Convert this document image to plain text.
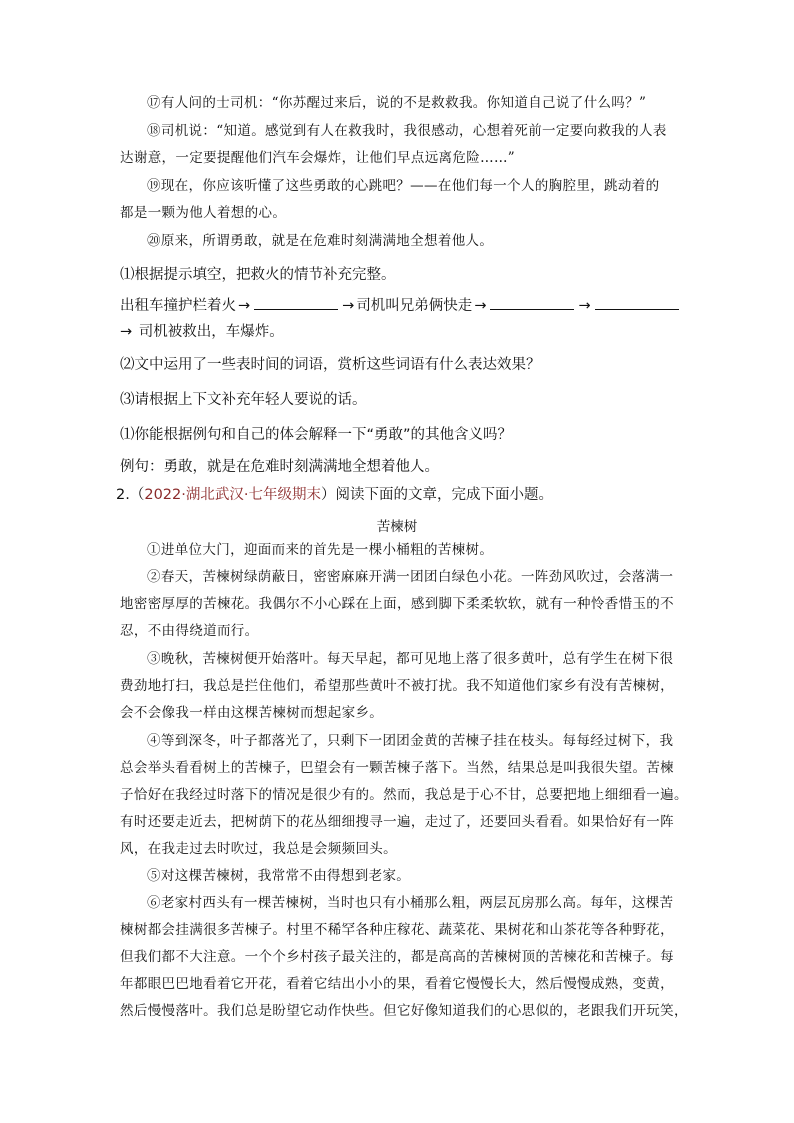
⑰有人问的士司机：“你苏醒过来后，说的不是救救我。你知道自己说了什么吗？”

⑱司机说：“知道。感觉到有人在救我时，我很感动，心想着死前一定要向救我的人表
达谢意，一定要提醒他们汽车会爆炸，让他们早点远离危险……”

⑲现在，你应该听懂了这些勇敢的心跳吧？——在他们每一个人的胸腔里，跳动着的
都是一颗为他人着想的心。

⑳原来，所谓勇敢，就是在危难时刻满满地全想着他人。

⑴根据提示填空，把救火的情节补充完整。

出租车撞护栏着火 →	→ 司机叫兄弟俩快走 →	→

→ 司机被救出，车爆炸。

⑵文中运用了一些表时间的词语，赏析这些词语有什么表达效果？

⑶请根据上下文补充年轻人要说的话。

⑴你能根据例句和自己的体会解释一下“勇敢”的其他含义吗？

例句：勇敢，就是在危难时刻满满地全想着他人。

2.（2022·湖北武汉·七年级期末）阅读下面的文章，完成下面小题。

苦楝树

①进单位大门，迎面而来的首先是一棵小桶粗的苦楝树。

②春天，苦楝树绿荫蔽日，密密麻麻开满一团团白绿色小花。一阵劲风吹过，会落满一
地密密厚厚的苦楝花。我偶尔不小心踩在上面，感到脚下柔柔软软，就有一种怜香惜玉的不
忍，不由得绕道而行。

③晚秋，苦楝树便开始落叶。每天早起，都可见地上落了很多黄叶，总有学生在树下很
费劲地打扫，我总是拦住他们，希望那些黄叶不被打扰。我不知道他们家乡有没有苦楝树，
会不会像我一样由这棵苦楝树而想起家乡。

④等到深冬，叶子都落光了，只剩下一团团金黄的苦楝子挂在枝头。每每经过树下，我
总会举头看看树上的苦楝子，巴望会有一颗苦楝子落下。当然，结果总是叫我很失望。苦楝
子恰好在我经过时落下的情况是很少有的。然而，我总是于心不甘，总要把地上细细看一遍。
有时还要走近去，把树荫下的花丛细细搜寻一遍，走过了，还要回头看看。如果恰好有一阵
风，在我走过去时吹过，我总是会频频回头。

⑤对这棵苦楝树，我常常不由得想到老家。

⑥老家村西头有一棵苦楝树，当时也只有小桶那么粗，两层瓦房那么高。每年，这棵苦
楝树都会挂满很多苦楝子。村里不稀罕各种庄稼花、蔬菜花、果树花和山茶花等各种野花，
但我们都不大注意。一个个乡村孩子最关注的，都是高高的苦楝树顶的苦楝花和苦楝子。每
年都眼巴巴地看着它开花，看着它结出小小的果，看着它慢慢长大，然后慢慢成熟，变黄，
然后慢慢落叶。我们总是盼望它动作快些。但它好像知道我们的心思似的，老跟我们开玩笑，
